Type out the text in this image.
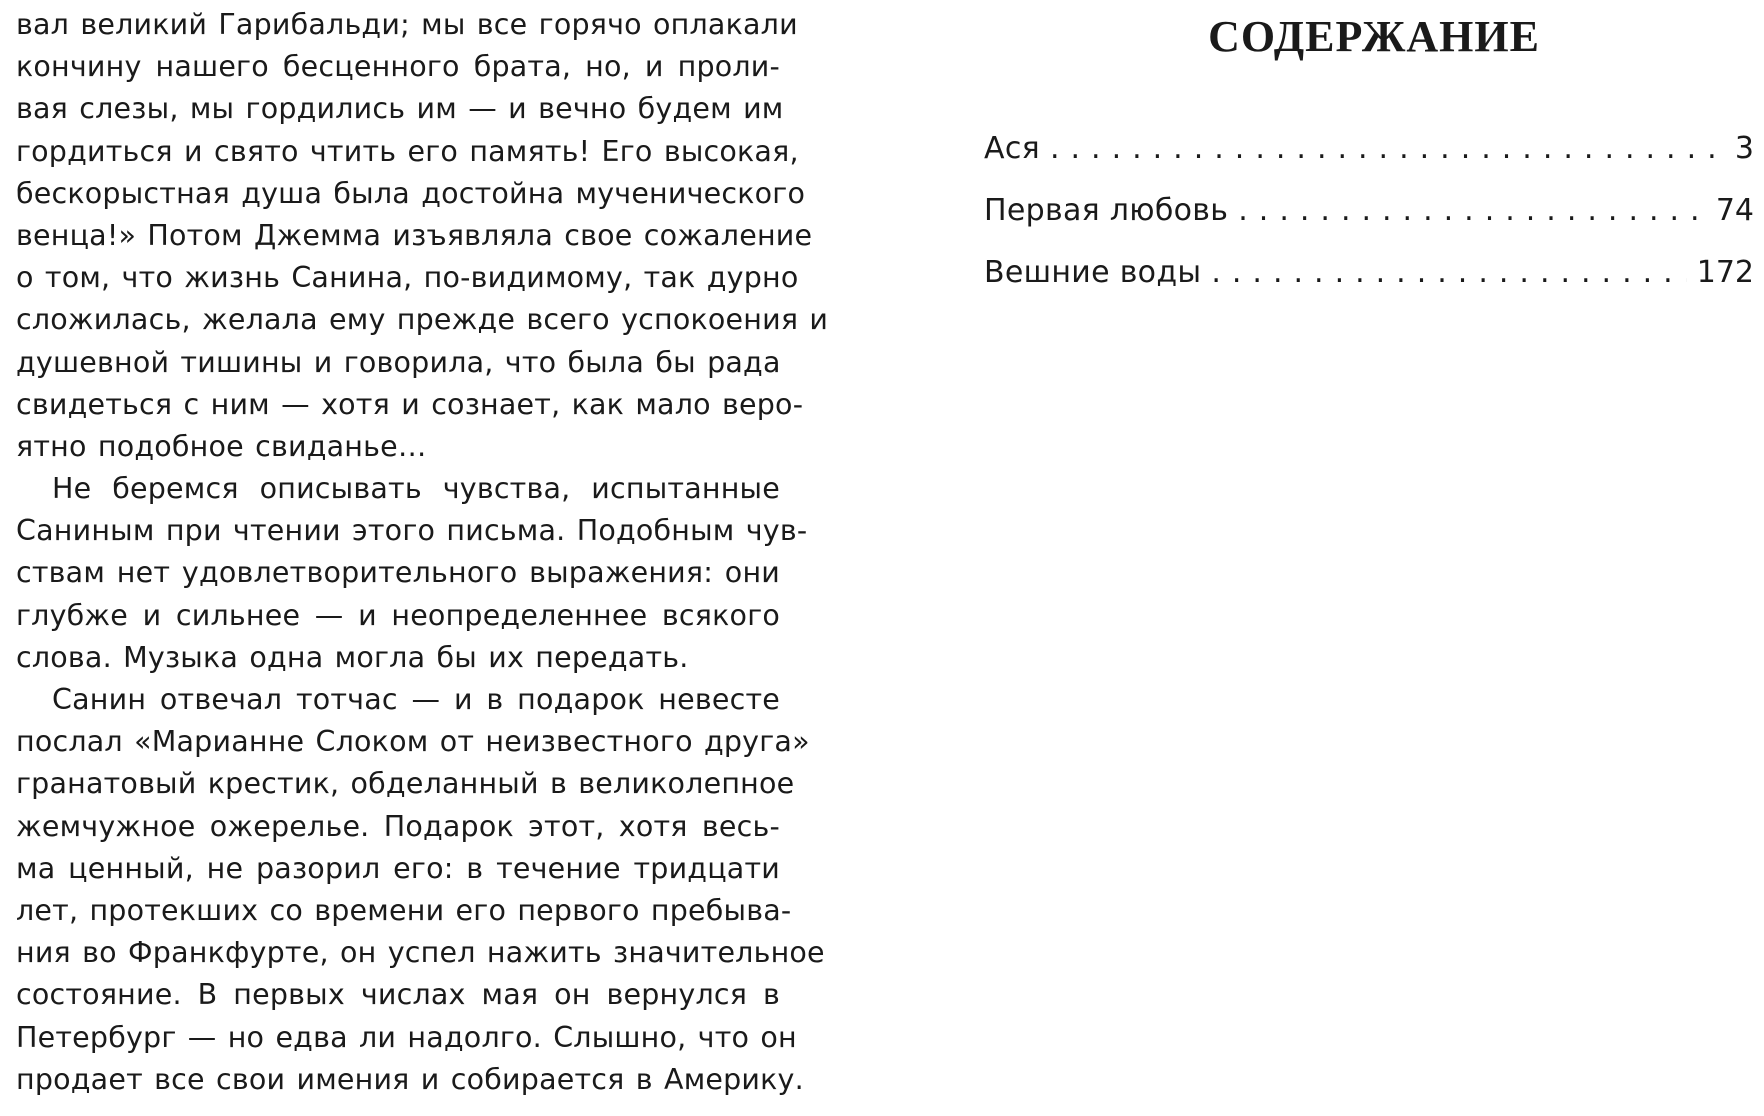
вал великий Гарибальди; мы все горячо оплакали
кончину нашего бесценного брата, но, и проли-
вая слезы, мы гордились им — и вечно будем им
гордиться и свято чтить его память! Его высокая,
бескорыстная душа была достойна мученического
венца!» Потом Джемма изъявляла свое сожаление
о том, что жизнь Санина, по-видимому, так дурно
сложилась, желала ему прежде всего успокоения и
душевной тишины и говорила, что была бы рада
свидеться с ним — хотя и сознает, как мало веро-
ятно подобное свиданье…

Не беремся описывать чувства, испытанные
Саниным при чтении этого письма. Подобным чув-
ствам нет удовлетворительного выражения: они
глубже и сильнее — и неопределеннее всякого
слова. Музыка одна могла бы их передать.

Санин отвечал тотчас — и в подарок невесте
послал «Марианне Слоком от неизвестного друга»
гранатовый крестик, обделанный в великолепное
жемчужное ожерелье. Подарок этот, хотя весь-
ма ценный, не разорил его: в течение тридцати
лет, протекших со времени его первого пребыва-
ния во Франкфурте, он успел нажить значительное
состояние. В первых числах мая он вернулся в
Петербург — но едва ли надолго. Слышно, что он
продает все свои имения и собирается в Америку.

СОДЕРЖАНИЕ
Ася .....	3
Первая любовь .....	74
Вешние воды .....	172
